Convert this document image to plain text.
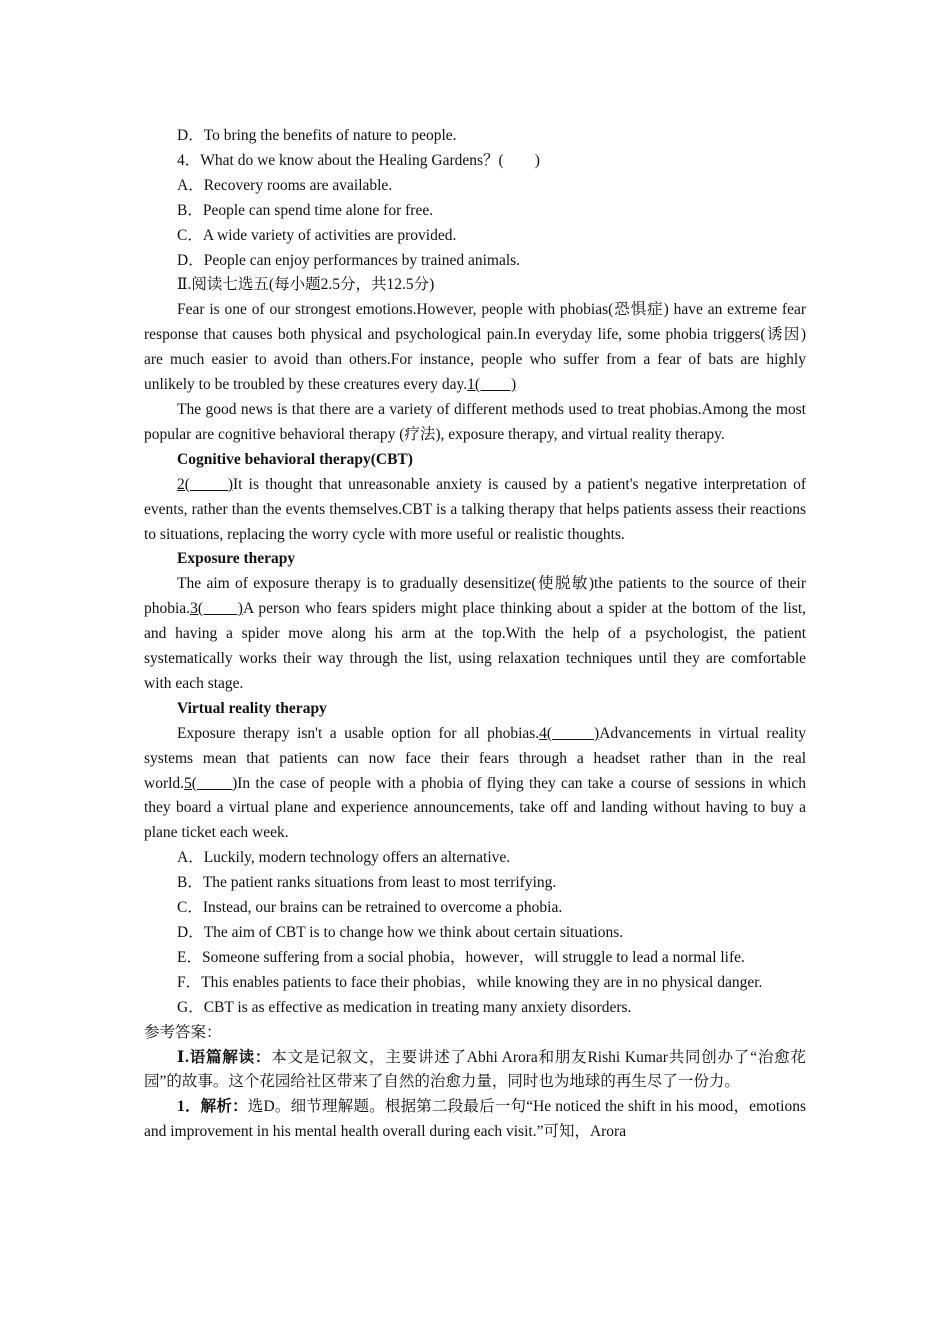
D．To bring the benefits of nature to people.
4．What do we know about the Healing Gardens？(　　)
A．Recovery rooms are available.
B．People can spend time alone for free.
C．A wide variety of activities are provided.
D．People can enjoy performances by trained animals.
Ⅱ.阅读七选五(每小题2.5分，共12.5分)
Fear is one of our strongest emotions.However, people with phobias(恐惧症) have an extreme fear response that causes both physical and psychological pain.In everyday life, some phobia triggers(诱因) are much easier to avoid than others.For instance, people who suffer from a fear of bats are highly unlikely to be troubled by these creatures every day.1(　　)
The good news is that there are a variety of different methods used to treat phobias.Among the most popular are cognitive behavioral therapy (疗法), exposure therapy, and virtual reality therapy.
Cognitive behavioral therapy(CBT)
2(　　)It is thought that unreasonable anxiety is caused by a patient's negative interpretation of events, rather than the events themselves.CBT is a talking therapy that helps patients assess their reactions to situations, replacing the worry cycle with more useful or realistic thoughts.
Exposure therapy
The aim of exposure therapy is to gradually desensitize(使脱敏)the patients to the source of their phobia.3(　　)A person who fears spiders might place thinking about a spider at the bottom of the list, and having a spider move along his arm at the top.With the help of a psychologist, the patient systematically works their way through the list, using relaxation techniques until they are comfortable with each stage.
Virtual reality therapy
Exposure therapy isn't a usable option for all phobias.4(　　)Advancements in virtual reality systems mean that patients can now face their fears through a headset rather than in the real world.5(　　)In the case of people with a phobia of flying they can take a course of sessions in which they board a virtual plane and experience announcements, take off and landing without having to buy a plane ticket each week.
A．Luckily, modern technology offers an alternative.
B．The patient ranks situations from least to most terrifying.
C．Instead, our brains can be retrained to overcome a phobia.
D．The aim of CBT is to change how we think about certain situations.
E．Someone suffering from a social phobia，however，will struggle to lead a normal life.
F．This enables patients to face their phobias，while knowing they are in no physical danger.
G．CBT is as effective as medication in treating many anxiety disorders.
参考答案：
Ⅰ.语篇解读：本文是记叙文，主要讲述了Abhi Arora和朋友Rishi Kumar共同创办了“治愈花园”的故事。这个花园给社区带来了自然的治愈力量，同时也为地球的再生尽了一份力。
1．解析：选D。细节理解题。根据第二段最后一句“He noticed the shift in his mood，emotions and improvement in his mental health overall during each visit.”可知，Arora
